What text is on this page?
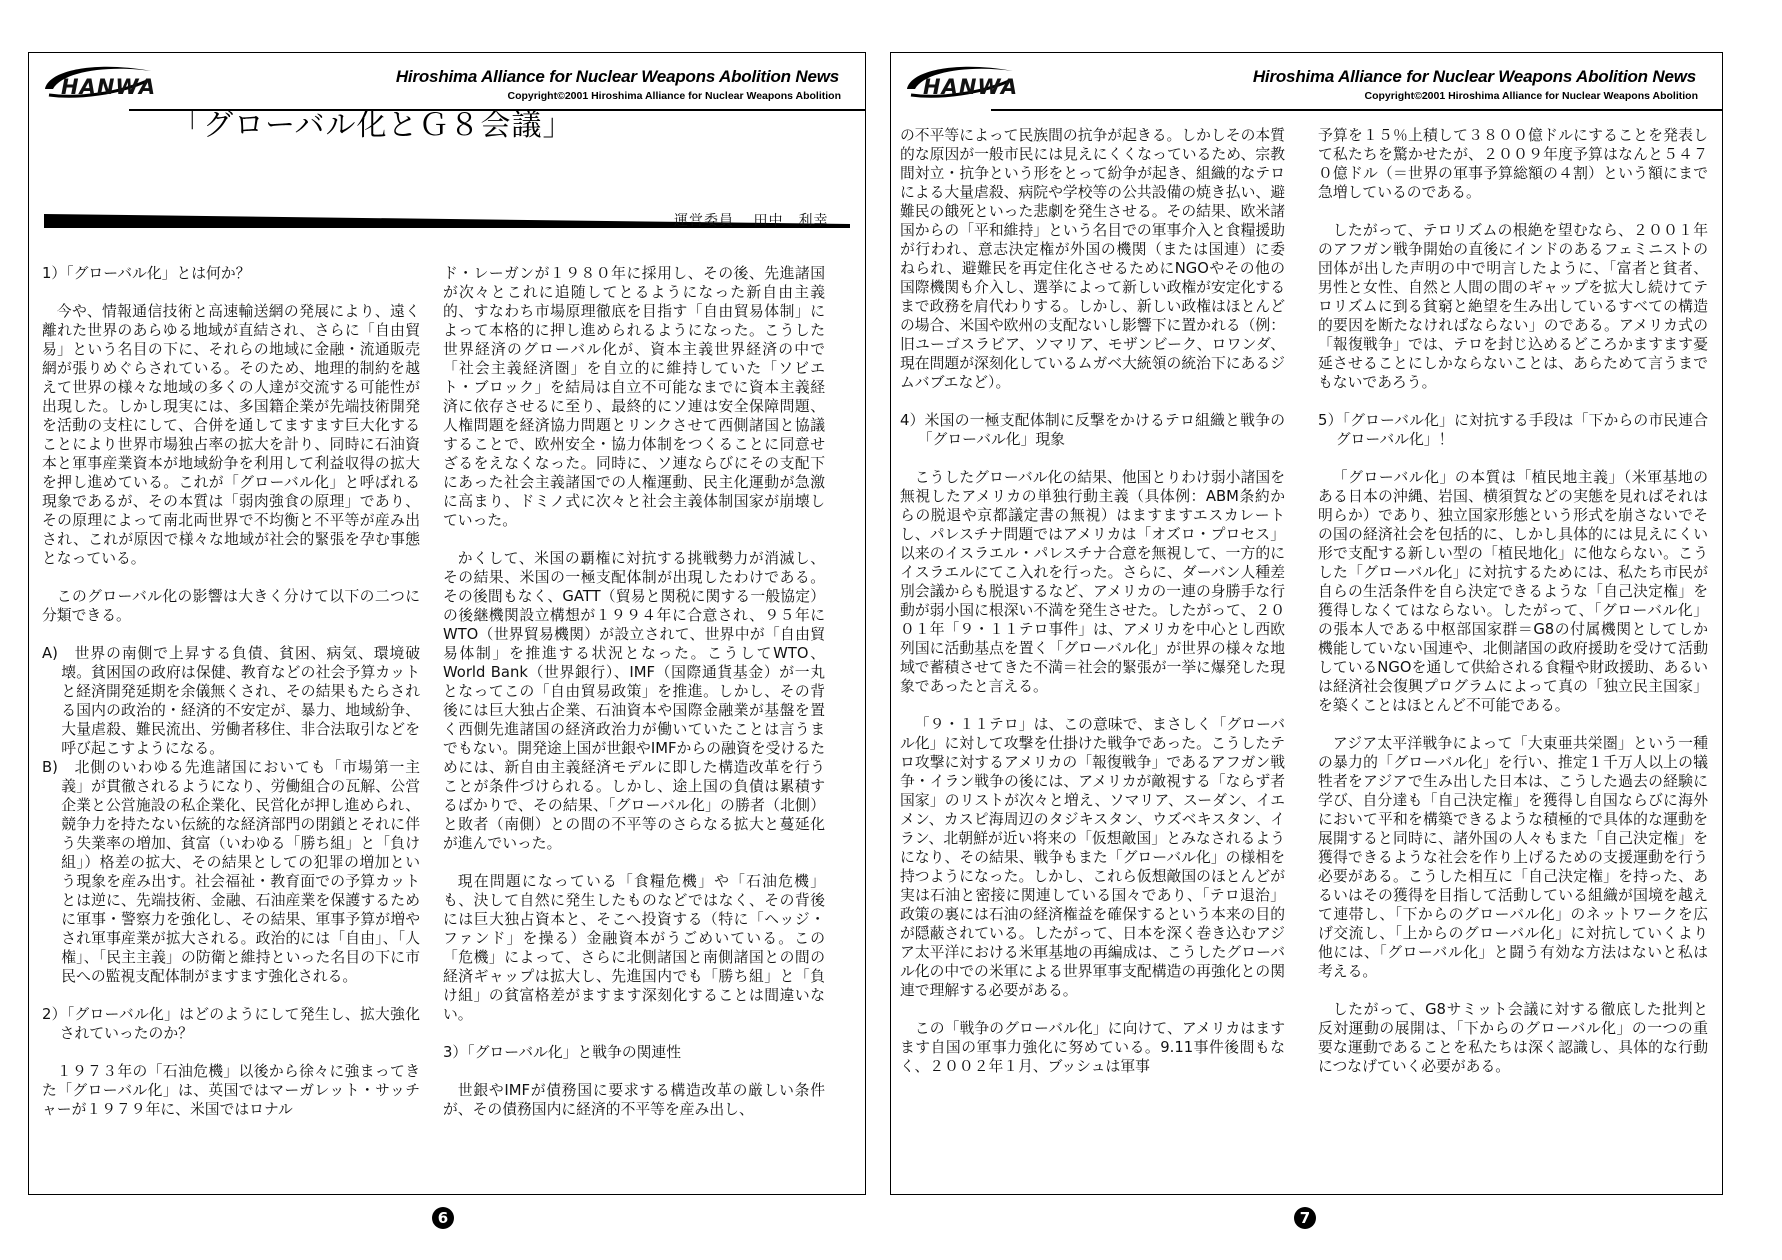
HANWA	Hiroshima Alliance for Nuclear Weapons Abolition News
Copyright©2001 Hiroshima Alliance for Nuclear Weapons Abolition
「グローバル化とＧ８会議」
運営委員 田中　利幸

1）「グローバル化」とは何か？

今や、情報通信技術と高速輸送網の発展により、遠く離れた世界のあらゆる地域が直結され、さらに「自由貿易」という名目の下に、それらの地域に金融・流通販売網が張りめぐらされている。そのため、地理的制約を越えて世界の様々な地域の多くの人達が交流する可能性が出現した。しかし現実には、多国籍企業が先端技術開発を活動の支柱にして、合併を通してますます巨大化することにより世界市場独占率の拡大を計り、同時に石油資本と軍事産業資本が地域紛争を利用して利益収得の拡大を押し進めている。これが「グローバル化」と呼ばれる現象であるが、その本質は「弱肉強食の原理」であり、その原理によって南北両世界で不均衡と不平等が産み出され、これが原因で様々な地域が社会的緊張を孕む事態となっている。

このグローバル化の影響は大きく分けて以下の二つに分類できる。

A)　世界の南側で上昇する負債、貧困、病気、環境破壊。貧困国の政府は保健、教育などの社会予算カットと経済開発延期を余儀無くされ、その結果もたらされる国内の政治的・経済的不安定が、暴力、地域紛争、大量虐殺、難民流出、労働者移住、非合法取引などを呼び起こすようになる。

B)　北側のいわゆる先進諸国においても「市場第一主義」が貫徹されるようになり、労働組合の瓦解、公営企業と公営施設の私企業化、民営化が押し進められ、競争力を持たない伝統的な経済部門の閉鎖とそれに伴う失業率の増加、貧富（いわゆる「勝ち組」と「負け組」）格差の拡大、その結果としての犯罪の増加という現象を産み出す。社会福祉・教育面での予算カットとは逆に、先端技術、金融、石油産業を保護するために軍事・警察力を強化し、その結果、軍事予算が増やされ軍事産業が拡大される。政治的には「自由」、「人権」、「民主主義」の防衛と維持といった名目の下に市民への監視支配体制がますます強化される。

2）「グローバル化」はどのようにして発生し、拡大強化されていったのか？

１９７３年の「石油危機」以後から徐々に強まってきた「グローバル化」は、英国ではマーガレット・サッチャーが１９７９年に、米国ではロナル

ド・レーガンが１９８０年に採用し、その後、先進諸国が次々とこれに追随してとるようになった新自由主義的、すなわち市場原理徹底を目指す「自由貿易体制」によって本格的に押し進められるようになった。こうした世界経済のグローバル化が、資本主義世界経済の中で「社会主義経済圏」を自立的に維持していた「ソビエト・ブロック」を結局は自立不可能なまでに資本主義経済に依存させるに至り、最終的にソ連は安全保障問題、人権問題を経済協力問題とリンクさせて西側諸国と協議することで、欧州安全・協力体制をつくることに同意せざるをえなくなった。同時に、ソ連ならびにその支配下にあった社会主義諸国での人権運動、民主化運動が急激に高まり、ドミノ式に次々と社会主義体制国家が崩壊していった。

かくして、米国の覇権に対抗する挑戦勢力が消滅し、その結果、米国の一極支配体制が出現したわけである。その後間もなく、GATT（貿易と関税に関する一般協定）の後継機関設立構想が１９９４年に合意され、９５年にWTO（世界貿易機関）が設立されて、世界中が「自由貿易体制」を推進する状況となった。こうしてWTO、World Bank（世界銀行）、IMF（国際通貨基金）が一丸となってこの「自由貿易政策」を推進。しかし、その背後には巨大独占企業、石油資本や国際金融業が基盤を置く西側先進諸国の経済政治力が働いていたことは言うまでもない。開発途上国が世銀やIMFからの融資を受けるためには、新自由主義経済モデルに即した構造改革を行うことが条件づけられる。しかし、途上国の負債は累積するばかりで、その結果、「グローバル化」の勝者（北側）と敗者（南側）との間の不平等のさらなる拡大と蔓延化が進んでいった。

現在問題になっている「食糧危機」や「石油危機」も、決して自然に発生したものなどではなく、その背後には巨大独占資本と、そこへ投資する（特に「ヘッジ・ファンド」を操る）金融資本がうごめいている。この「危機」によって、さらに北側諸国と南側諸国との間の経済ギャップは拡大し、先進国内でも「勝ち組」と「負け組」の貧富格差がますます深刻化することは間違いない。

3）「グローバル化」と戦争の関連性

世銀やIMFが債務国に要求する構造改革の厳しい条件が、その債務国内に経済的不平等を産み出し、

6
HANWA	Hiroshima Alliance for Nuclear Weapons Abolition News
Copyright©2001 Hiroshima Alliance for Nuclear Weapons Abolition

の不平等によって民族間の抗争が起きる。しかしその本質的な原因が一般市民には見えにくくなっているため、宗教間対立・抗争という形をとって紛争が起き、組織的なテロによる大量虐殺、病院や学校等の公共設備の焼き払い、避難民の餓死といった悲劇を発生させる。その結果、欧米諸国からの「平和維持」という名目での軍事介入と食糧援助が行われ、意志決定権が外国の機関（または国連）に委ねられ、避難民を再定住化させるためにNGOやその他の国際機関も介入し、選挙によって新しい政権が安定化するまで政務を肩代わりする。しかし、新しい政権はほとんどの場合、米国や欧州の支配ないし影響下に置かれる（例：旧ユーゴスラビア、ソマリア、モザンビーク、ロワンダ、現在問題が深刻化しているムガベ大統領の統治下にあるジムバブエなど）。

4）米国の一極支配体制に反撃をかけるテロ組織と戦争の「グローバル化」現象

こうしたグローバル化の結果、他国とりわけ弱小諸国を無視したアメリカの単独行動主義（具体例：ABM条約からの脱退や京都議定書の無視）はますますエスカレートし、パレスチナ問題ではアメリカは「オズロ・プロセス」以来のイスラエル・パレスチナ合意を無視して、一方的にイスラエルにてこ入れを行った。さらに、ダーバン人種差別会議からも脱退するなど、アメリカの一連の身勝手な行動が弱小国に根深い不満を発生させた。したがって、２００１年「９・１１テロ事件」は、アメリカを中心とし西欧列国に活動基点を置く「グローバル化」が世界の様々な地域で蓄積させてきた不満＝社会的緊張が一挙に爆発した現象であったと言える。

「９・１１テロ」は、この意味で、まさしく「グローバル化」に対して攻撃を仕掛けた戦争であった。こうしたテロ攻撃に対するアメリカの「報復戦争」であるアフガン戦争・イラン戦争の後には、アメリカが敵視する「ならず者国家」のリストが次々と増え、ソマリア、スーダン、イエメン、カスピ海周辺のタジキスタン、ウズベキスタン、イラン、北朝鮮が近い将来の「仮想敵国」とみなされるようになり、その結果、戦争もまた「グローバル化」の様相を持つようになった。しかし、これら仮想敵国のほとんどが実は石油と密接に関連している国々であり、「テロ退治」政策の裏には石油の経済権益を確保するという本来の目的が隠蔽されている。したがって、日本を深く巻き込むアジア太平洋における米軍基地の再編成は、こうしたグローバル化の中での米軍による世界軍事支配構造の再強化との関連で理解する必要がある。

この「戦争のグローバル化」に向けて、アメリカはますます自国の軍事力強化に努めている。9.11事件後間もなく、２００２年１月、ブッシュは軍事

予算を１５％上積して３８００億ドルにすることを発表して私たちを驚かせたが、２００９年度予算はなんと５４７０億ドル（＝世界の軍事予算総額の４割）という額にまで急増しているのである。

したがって、テロリズムの根絶を望むなら、２００１年のアフガン戦争開始の直後にインドのあるフェミニストの団体が出した声明の中で明言したように、「富者と貧者、男性と女性、自然と人間の間のギャップを拡大し続けてテロリズムに到る貧窮と絶望を生み出しているすべての構造的要因を断たなければならない」のである。アメリカ式の「報復戦争」では、テロを封じ込めるどころかますます憂延させることにしかならないことは、あらためて言うまでもないであろう。

5）「グローバル化」に対抗する手段は「下からの市民連合グローバル化」！

「グローバル化」の本質は「植民地主義」（米軍基地のある日本の沖縄、岩国、横須賀などの実態を見ればそれは明らか）であり、独立国家形態という形式を崩さないでその国の経済社会を包括的に、しかし具体的には見えにくい形で支配する新しい型の「植民地化」に他ならない。こうした「グローバル化」に対抗するためには、私たち市民が自らの生活条件を自ら決定できるような「自己決定権」を獲得しなくてはならない。したがって、「グローバル化」の張本人である中枢部国家群＝G8の付属機関としてしか機能していない国連や、北側諸国の政府援助を受けて活動しているNGOを通して供給される食糧や財政援助、あるいは経済社会復興プログラムによって真の「独立民主国家」を築くことはほとんど不可能である。

アジア太平洋戦争によって「大東亜共栄圏」という一種の暴力的「グローバル化」を行い、推定１千万人以上の犠牲者をアジアで生み出した日本は、こうした過去の経験に学び、自分達も「自己決定権」を獲得し自国ならびに海外において平和を構築できるような積極的で具体的な運動を展開すると同時に、諸外国の人々もまた「自己決定権」を獲得できるような社会を作り上げるための支援運動を行う必要がある。こうした相互に「自己決定権」を持った、あるいはその獲得を目指して活動している組織が国境を越えて連帯し、「下からのグローバル化」のネットワークを広げ交流し、「上からのグローバル化」に対抗していくより他には、「グローバル化」と闘う有効な方法はないと私は考える。

したがって、G8サミット会議に対する徹底した批判と反対運動の展開は、「下からのグローバル化」の一つの重要な運動であることを私たちは深く認識し、具体的な行動につなげていく必要がある。

7
